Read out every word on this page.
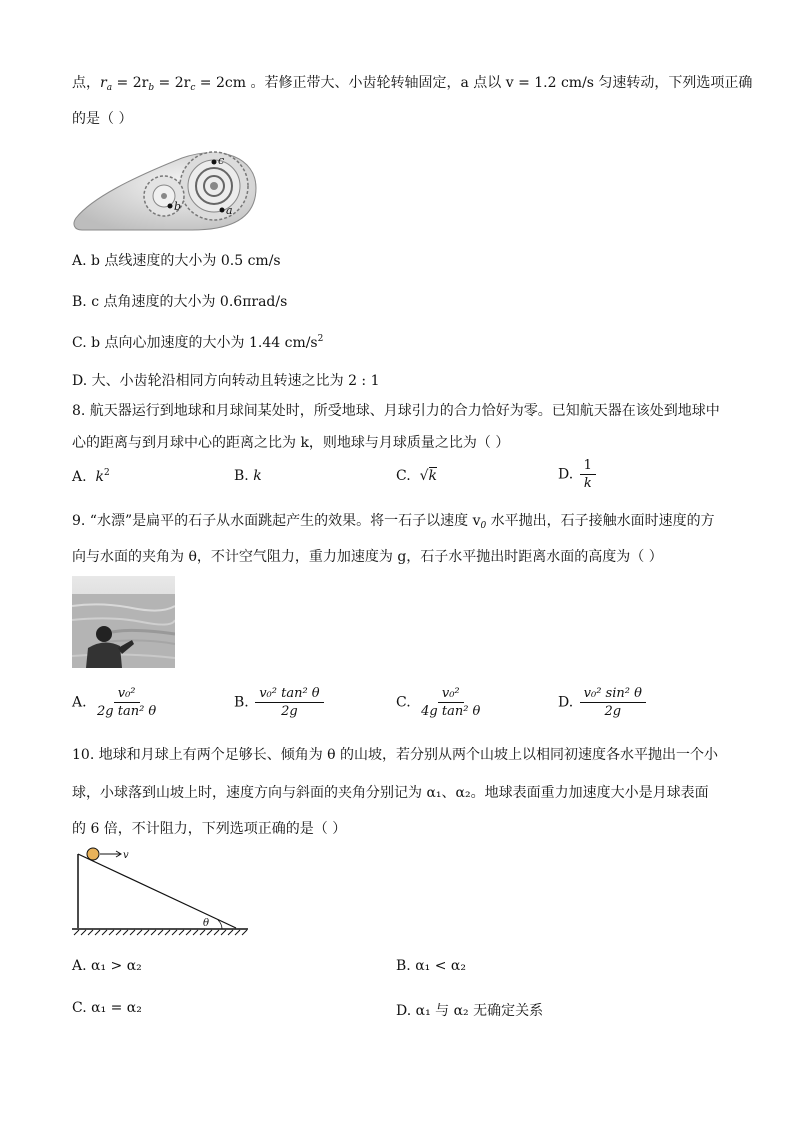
点，$r_a = 2r_b = 2r_c = 2cm$ 。若修正带大、小齿轮转轴固定，a 点以 v = 1.2 cm/s 匀速转动，下列选项正确
的是（ ）
c
b	a
A. b 点线速度的大小为 0.5 cm/s
B. c 点角速度的大小为 0.6πrad/s
C. b 点向心加速度的大小为 1.44 $cm/s^2$
D. 大、小齿轮沿相同方向转动且转速之比为 2 : 1
8. 航天器运行到地球和月球间某处时，所受地球、月球引力的合力恰好为零。已知航天器在该处到地球中
心的距离与到月球中心的距离之比为 k，则地球与月球质量之比为（ ）
A. $k^2$	B. k	C. √k	D. $\frac{1}{k}$
9. “水漂”是扁平的石子从水面跳起产生的效果。将一石子以速度 $v_0$ 水平抛出，石子接触水面时速度的方
向与水面的夹角为 θ，不计空气阻力，重力加速度为 g，石子水平抛出时距离水面的高度为（ ）
A. $\frac{\text{v₀²}}{\text{2g tan² θ}}$	B. $\frac{\text{v₀² tan² θ}}{2g}$	C. $\frac{\text{v₀²}}{\text{4g tan² θ}}$	D. $\frac{\text{v₀² sin² θ}}{2g}$
10. 地球和月球上有两个足够长、倾角为 θ 的山坡，若分别从两个山坡上以相同初速度各水平抛出一个小
球，小球落到山坡上时，速度方向与斜面的夹角分别记为 α₁、α₂。地球表面重力加速度大小是月球表面
的 6 倍，不计阻力，下列选项正确的是（ ）
v
θ
A. α₁ > α₂	B. α₁ < α₂
C. α₁ = α₂	D. α₁ 与 α₂ 无确定关系
